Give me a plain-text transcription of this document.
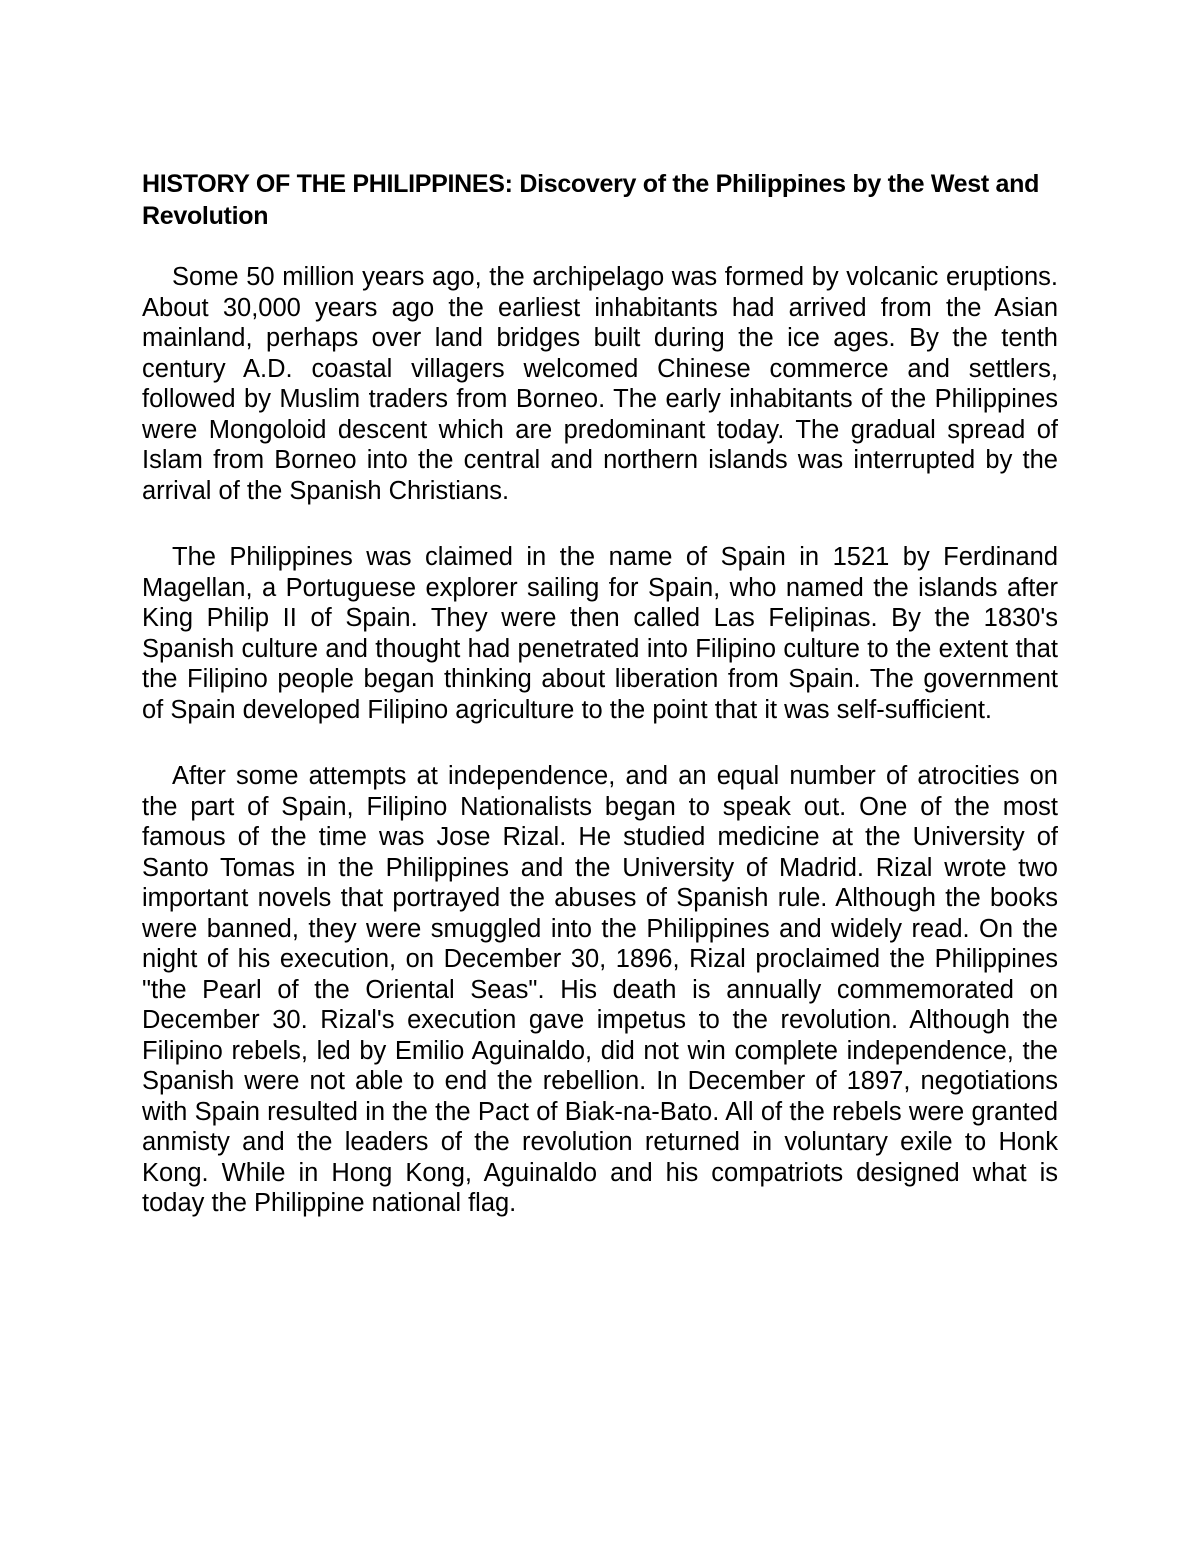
HISTORY OF THE PHILIPPINES: Discovery of the Philippines by the West and Revolution

Some 50 million years ago, the archipelago was formed by volcanic eruptions. About 30,000 years ago the earliest inhabitants had arrived from the Asian mainland, perhaps over land bridges built during the ice ages. By the tenth century A.D. coastal villagers welcomed Chinese commerce and settlers, followed by Muslim traders from Borneo. The early inhabitants of the Philippines were Mongoloid descent which are predominant today. The gradual spread of Islam from Borneo into the central and northern islands was interrupted by the arrival of the Spanish Christians.

The Philippines was claimed in the name of Spain in 1521 by Ferdinand Magellan, a Portuguese explorer sailing for Spain, who named the islands after King Philip II of Spain. They were then called Las Felipinas. By the 1830's Spanish culture and thought had penetrated into Filipino culture to the extent that the Filipino people began thinking about liberation from Spain. The government of Spain developed Filipino agriculture to the point that it was self-sufficient.

After some attempts at independence, and an equal number of atrocities on the part of Spain, Filipino Nationalists began to speak out. One of the most famous of the time was Jose Rizal. He studied medicine at the University of Santo Tomas in the Philippines and the University of Madrid. Rizal wrote two important novels that portrayed the abuses of Spanish rule. Although the books were banned, they were smuggled into the Philippines and widely read. On the night of his execution, on December 30, 1896, Rizal proclaimed the Philippines "the Pearl of the Oriental Seas". His death is annually commemorated on December 30. Rizal's execution gave impetus to the revolution. Although the Filipino rebels, led by Emilio Aguinaldo, did not win complete independence, the Spanish were not able to end the rebellion. In December of 1897, negotiations with Spain resulted in the the Pact of Biak-na-Bato. All of the rebels were granted anmisty and the leaders of the revolution returned in voluntary exile to Honk Kong. While in Hong Kong, Aguinaldo and his compatriots designed what is today the Philippine national flag.
